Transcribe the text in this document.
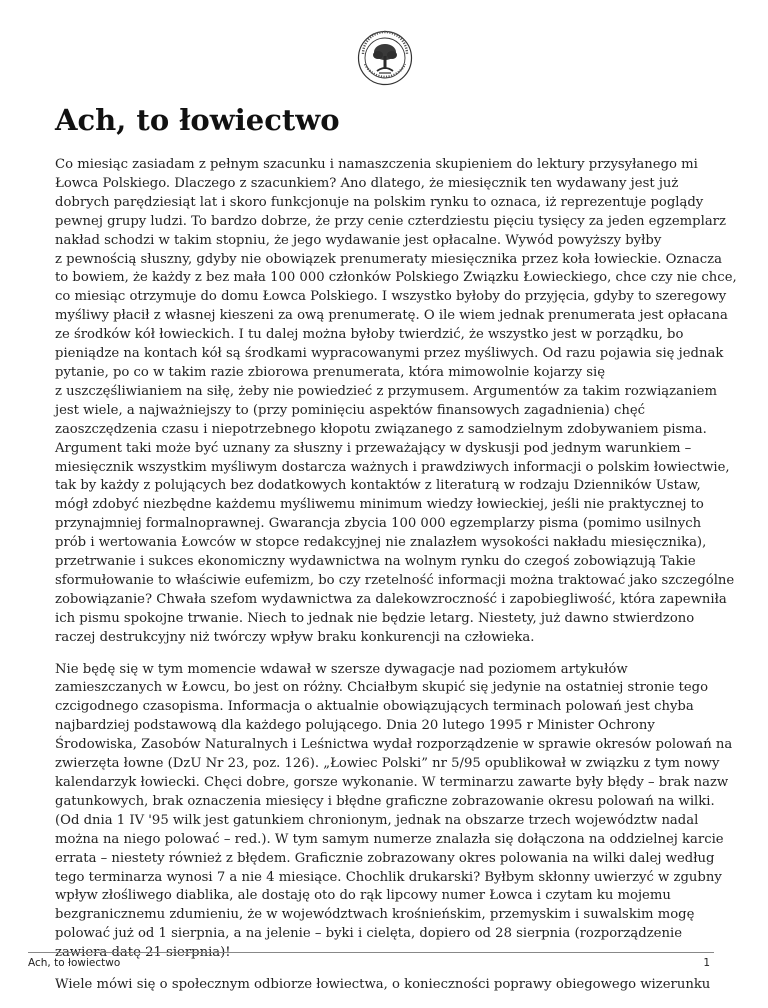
Ach, to łowiectwo

Co miesiąc zasiadam z pełnym szacunku i namaszczenia skupieniem do lektury przysyłanego mi
Łowca Polskiego. Dlaczego z szacunkiem? Ano dlatego, że miesięcznik ten wydawany jest już
dobrych parędziesiąt lat i skoro funkcjonuje na polskim rynku to oznaca, iż reprezentuje poglądy
pewnej grupy ludzi. To bardzo dobrze, że przy cenie czterdziestu pięciu tysięcy za jeden egzemplarz
nakład schodzi w takim stopniu, że jego wydawanie jest opłacalne. Wywód powyższy byłby
z pewnością słuszny, gdyby nie obowiązek prenumeraty miesięcznika przez koła łowieckie. Oznacza
to bowiem, że każdy z bez mała 100 000 członków Polskiego Związku Łowieckiego, chce czy nie chce,
co miesiąc otrzymuje do domu Łowca Polskiego. I wszystko byłoby do przyjęcia, gdyby to szeregowy
myśliwy płacił z własnej kieszeni za ową prenumeratę. O ile wiem jednak prenumerata jest opłacana
ze środków kół łowieckich. I tu dalej można byłoby twierdzić, że wszystko jest w porządku, bo
pieniądze na kontach kół są środkami wypracowanymi przez myśliwych. Od razu pojawia się jednak
pytanie, po co w takim razie zbiorowa prenumerata, która mimowolnie kojarzy się
z uszczęśliwianiem na siłę, żeby nie powiedzieć z przymusem. Argumentów za takim rozwiązaniem
jest wiele, a najważniejszy to (przy pominięciu aspektów finansowych zagadnienia) chęć
zaoszczędzenia czasu i niepotrzebnego kłopotu związanego z samodzielnym zdobywaniem pisma.
Argument taki może być uznany za słuszny i przeważający w dyskusji pod jednym warunkiem –
miesięcznik wszystkim myśliwym dostarcza ważnych i prawdziwych informacji o polskim łowiectwie,
tak by każdy z polujących bez dodatkowych kontaktów z literaturą w rodzaju Dzienników Ustaw,
mógł zdobyć niezbędne każdemu myśliwemu minimum wiedzy łowieckiej, jeśli nie praktycznej to
przynajmniej formalnoprawnej. Gwarancja zbycia 100 000 egzemplarzy pisma (pomimo usilnych
prób i wertowania Łowców w stopce redakcyjnej nie znalazłem wysokości nakładu miesięcznika),
przetrwanie i sukces ekonomiczny wydawnictwa na wolnym rynku do czegoś zobowiązują Takie
sformułowanie to właściwie eufemizm, bo czy rzetelność informacji można traktować jako szczególne
zobowiązanie? Chwała szefom wydawnictwa za dalekowzroczność i zapobiegliwość, która zapewniła
ich pismu spokojne trwanie. Niech to jednak nie będzie letarg. Niestety, już dawno stwierdzono
raczej destrukcyjny niż twórczy wpływ braku konkurencji na człowieka.

Nie będę się w tym momencie wdawał w szersze dywagacje nad poziomem artykułów
zamieszczanych w Łowcu, bo jest on różny. Chciałbym skupić się jedynie na ostatniej stronie tego
czcigodnego czasopisma. Informacja o aktualnie obowiązujących terminach polowań jest chyba
najbardziej podstawową dla każdego polującego. Dnia 20 lutego 1995 r Minister Ochrony
Środowiska, Zasobów Naturalnych i Leśnictwa wydał rozporządzenie w sprawie okresów polowań na
zwierzęta łowne (DzU Nr 23, poz. 126). „Łowiec Polski” nr 5/95 opublikował w związku z tym nowy
kalendarzyk łowiecki. Chęci dobre, gorsze wykonanie. W terminarzu zawarte były błędy – brak nazw
gatunkowych, brak oznaczenia miesięcy i błędne graficzne zobrazowanie okresu polowań na wilki.
(Od dnia 1 IV '95 wilk jest gatunkiem chronionym, jednak na obszarze trzech województw nadal
można na niego polować – red.). W tym samym numerze znalazła się dołączona na oddzielnej karcie
errata – niestety również z błędem. Graficznie zobrazowany okres polowania na wilki dalej według
tego terminarza wynosi 7 a nie 4 miesiące. Chochlik drukarski? Byłbym skłonny uwierzyć w zgubny
wpływ złośliwego diablika, ale dostaję oto do rąk lipcowy numer Łowca i czytam ku mojemu
bezgranicznemu zdumieniu, że w województwach krośnieńskim, przemyskim i suwalskim mogę
polować już od 1 sierpnia, a na jelenie – byki i cielęta, dopiero od 28 sierpnia (rozporządzenie
zawiera datę 21 sierpnia)!

Wiele mówi się o społecznym odbiorze łowiectwa, o konieczności poprawy obiegowego wizerunku

Ach, to łowiectwo	1
